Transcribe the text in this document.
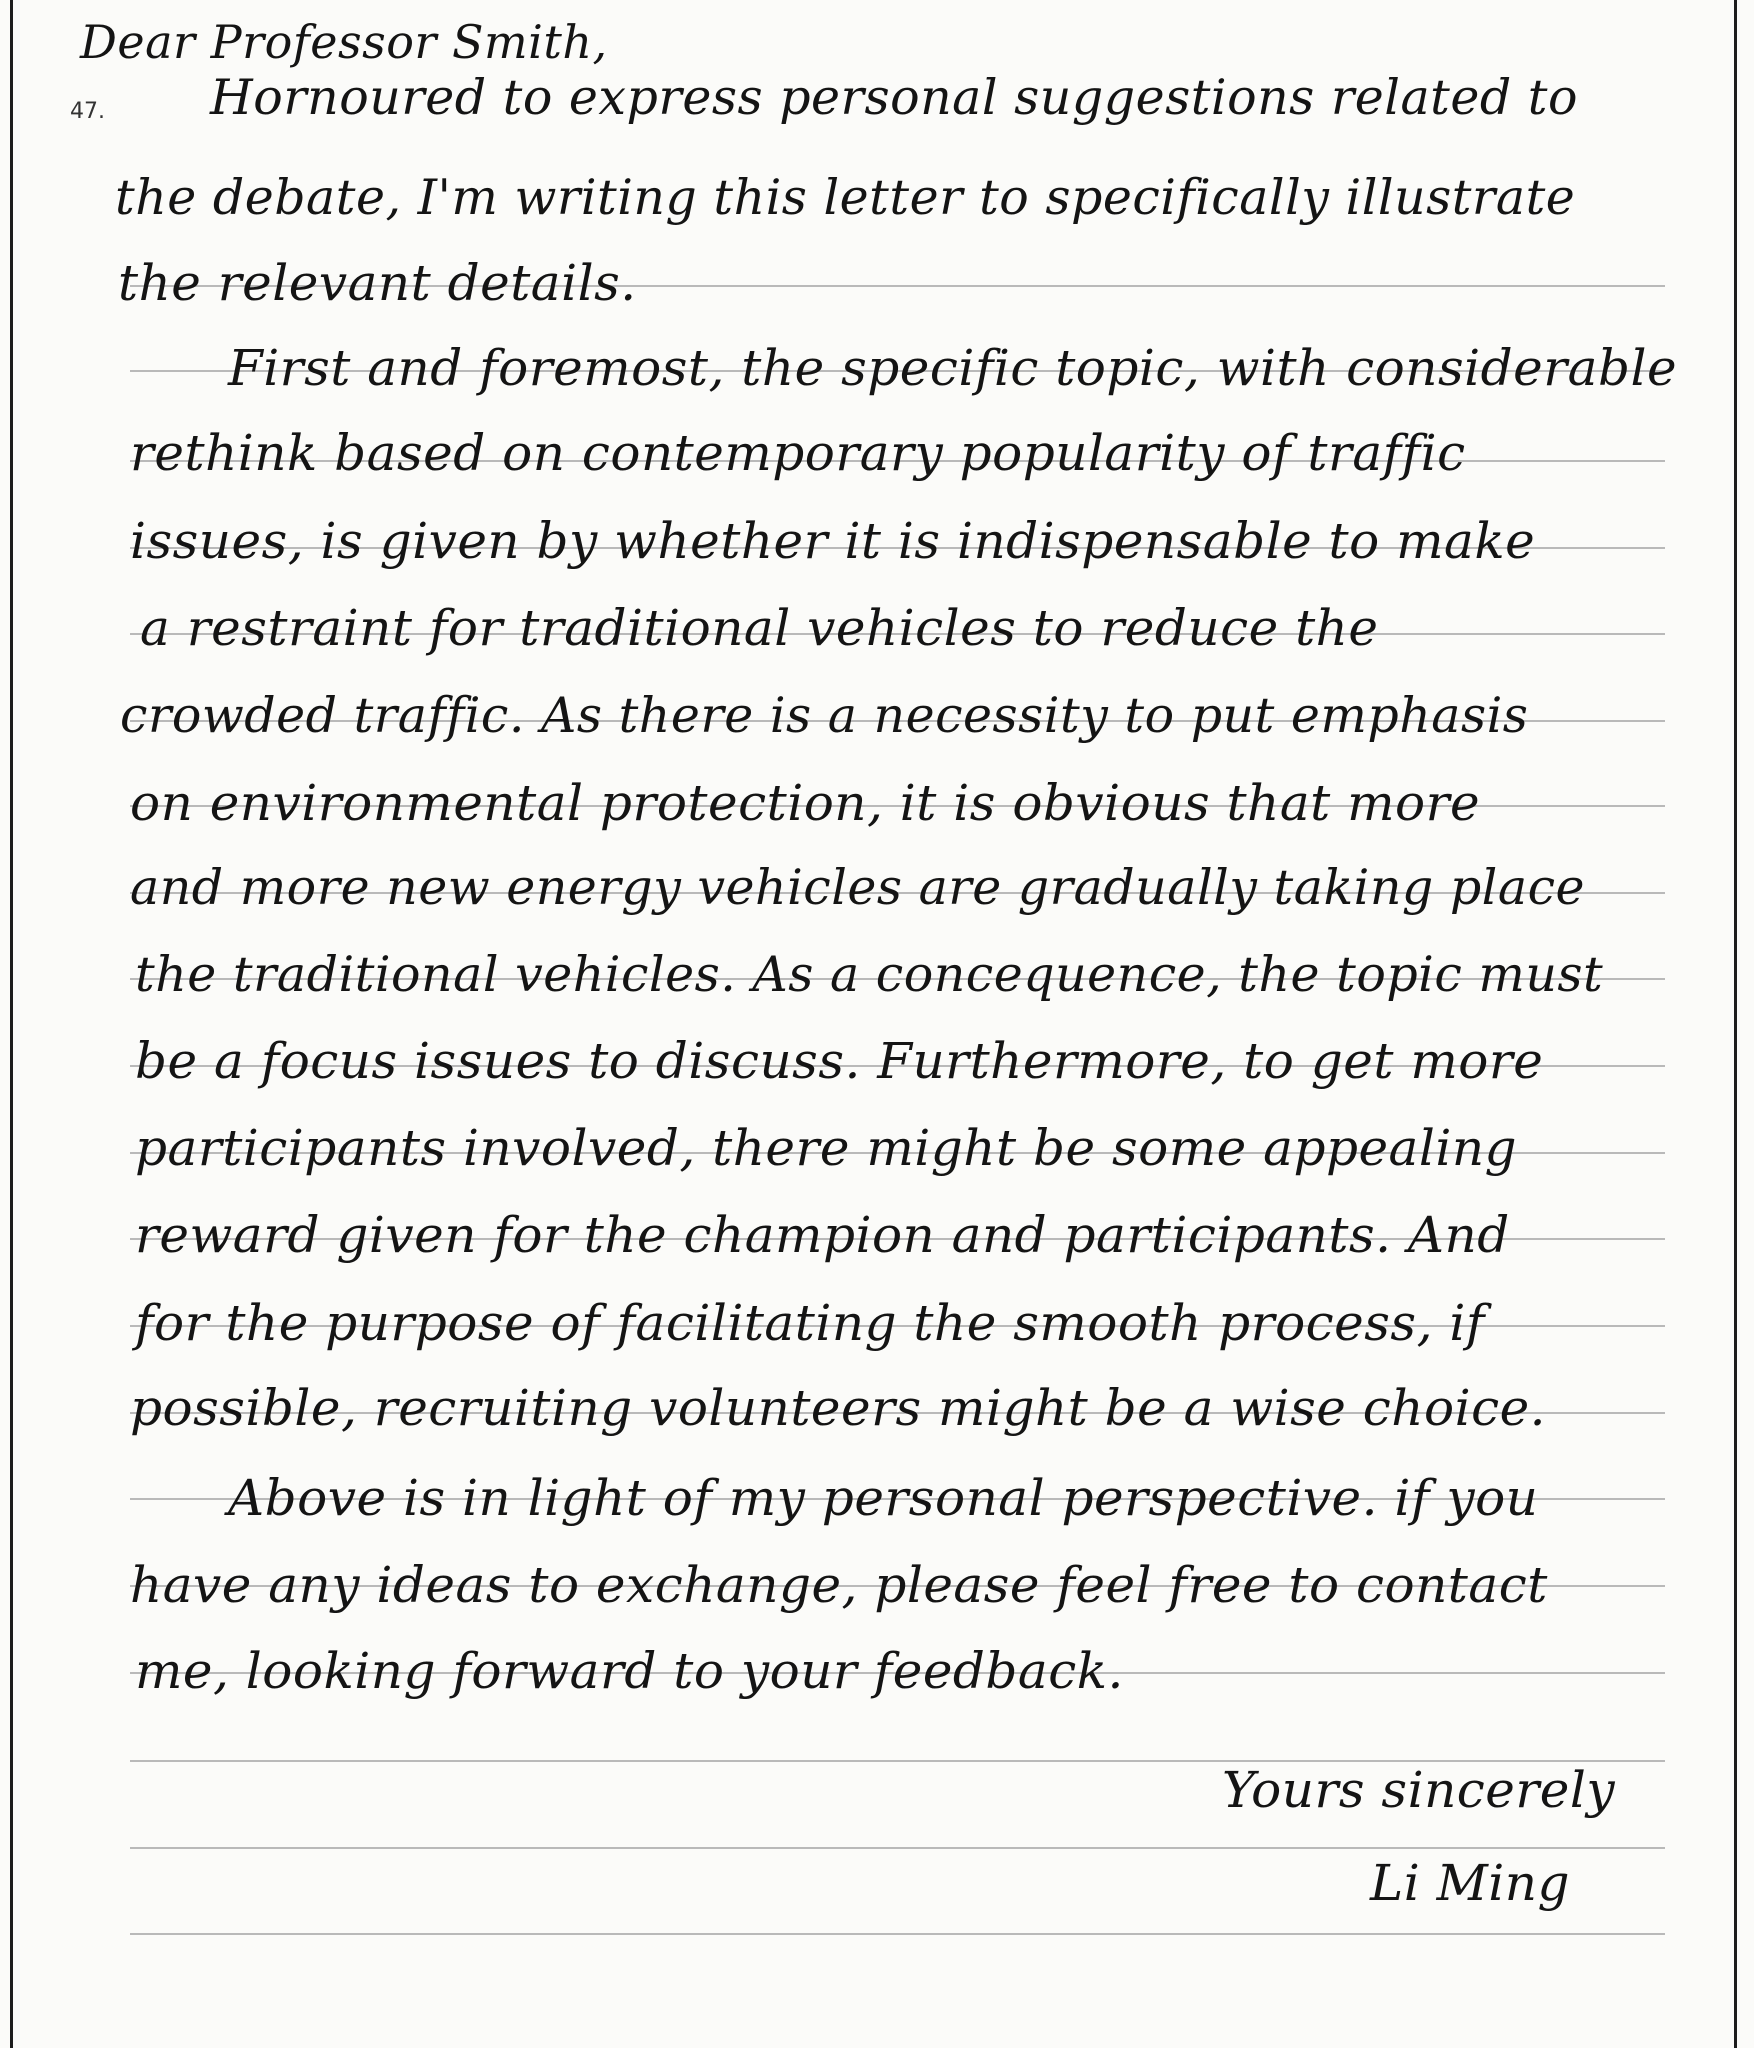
47.
Dear Professor Smith,
Hornoured to express personal suggestions related to
the debate, I'm writing this letter to specifically illustrate
the relevant details.
First and foremost, the specific topic, with considerable
rethink based on contemporary popularity of traffic
issues, is given by whether it is indispensable to make
a restraint for traditional vehicles to reduce the
crowded traffic. As there is a necessity to put emphasis
on environmental protection, it is obvious that more
and more new energy vehicles are gradually taking place
the traditional vehicles. As a concequence, the topic must
be a focus issues to discuss. Furthermore, to get more
participants involved, there might be some appealing
reward given for the champion and participants. And
for the purpose of facilitating the smooth process, if
possible, recruiting volunteers might be a wise choice.
Above is in light of my personal perspective. if you
have any ideas to exchange, please feel free to contact
me, looking forward to your feedback.
Yours sincerely
Li Ming
